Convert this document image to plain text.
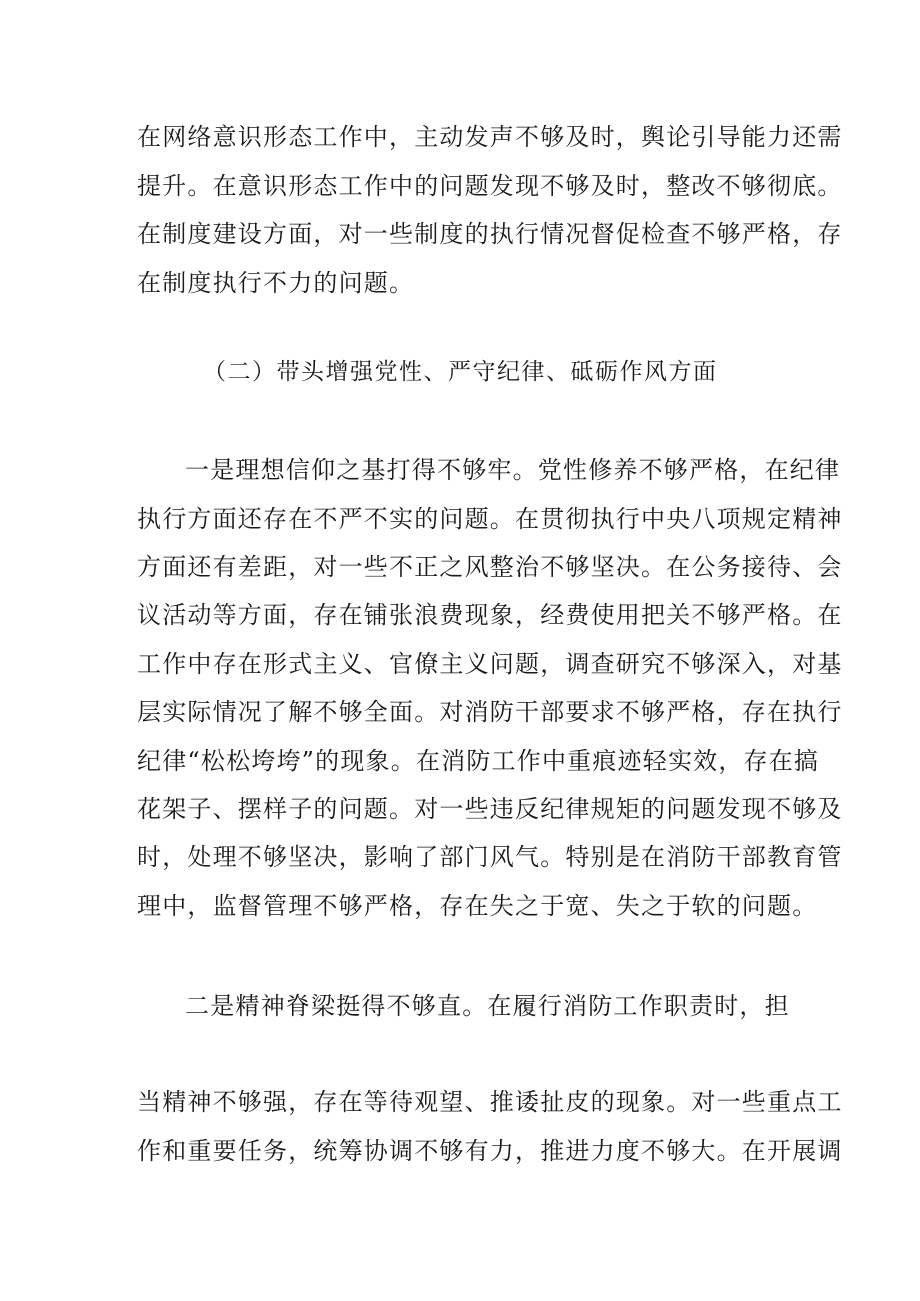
在网络意识形态工作中，主动发声不够及时，舆论引导能力还需
提升。在意识形态工作中的问题发现不够及时，整改不够彻底。
在制度建设方面，对一些制度的执行情况督促检查不够严格，存
在制度执行不力的问题。
（二）带头增强党性、严守纪律、砥砺作风方面
一是理想信仰之基打得不够牢。党性修养不够严格，在纪律
执行方面还存在不严不实的问题。在贯彻执行中央八项规定精神
方面还有差距，对一些不正之风整治不够坚决。在公务接待、会
议活动等方面，存在铺张浪费现象，经费使用把关不够严格。在
工作中存在形式主义、官僚主义问题，调查研究不够深入，对基
层实际情况了解不够全面。对消防干部要求不够严格，存在执行
纪律“松松垮垮”的现象。在消防工作中重痕迹轻实效，存在搞
花架子、摆样子的问题。对一些违反纪律规矩的问题发现不够及
时，处理不够坚决，影响了部门风气。特别是在消防干部教育管
理中，监督管理不够严格，存在失之于宽、失之于软的问题。
二是精神脊梁挺得不够直。在履行消防工作职责时，担
当精神不够强，存在等待观望、推诿扯皮的现象。对一些重点工
作和重要任务，统筹协调不够有力，推进力度不够大。在开展调
